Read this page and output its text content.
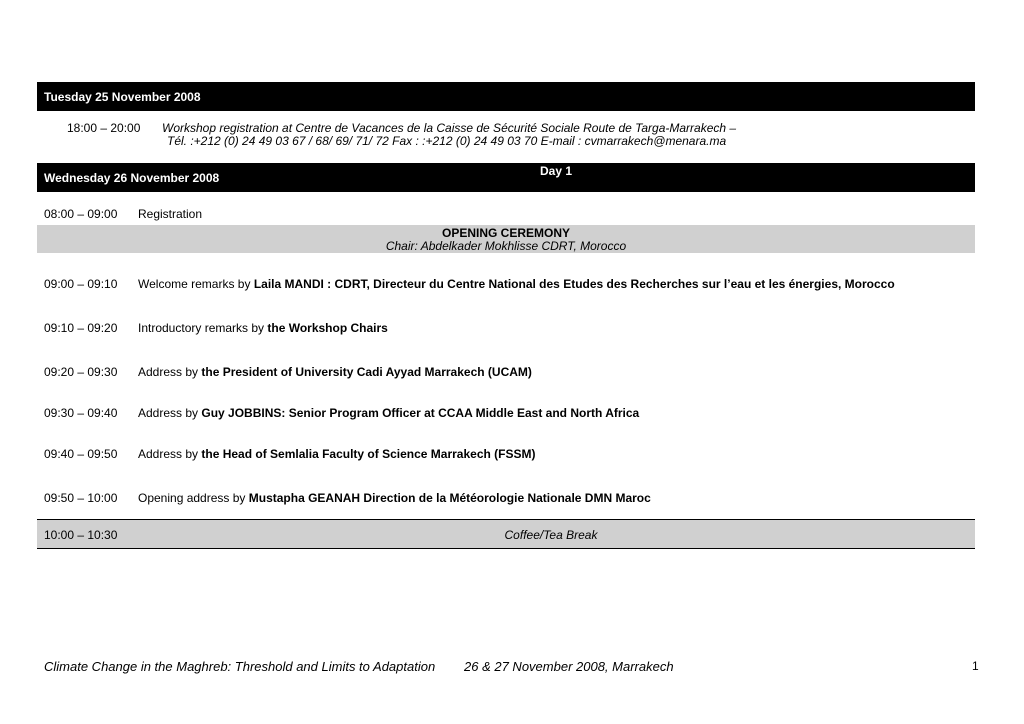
Tuesday 25 November 2008
18:00 – 20:00 Workshop registration at Centre de Vacances de la Caisse de Sécurité Sociale Route de Targa-Marrakech –
Tél. :+212 (0) 24 49 03 67 / 68/ 69/ 71/ 72 Fax : :+212 (0) 24 49 03 70 E-mail : cvmarrakech@menara.ma
Wednesday 26 November 2008	Day 1
08:00 – 09:00 Registration
OPENING CEREMONY
Chair: Abdelkader Mokhlisse CDRT, Morocco
09:00 – 09:10 Welcome remarks by Laila MANDI : CDRT, Directeur du Centre National des Etudes des Recherches sur l’eau et les énergies, Morocco
09:10 – 09:20 Introductory remarks by the Workshop Chairs
09:20 – 09:30 Address by the President of University Cadi Ayyad Marrakech (UCAM)
09:30 – 09:40 Address by Guy JOBBINS: Senior Program Officer at CCAA Middle East and North Africa
09:40 – 09:50 Address by the Head of Semlalia Faculty of Science Marrakech (FSSM)
09:50 – 10:00 Opening address by Mustapha GEANAH Direction de la Météorologie Nationale DMN Maroc
10:00 – 10:30	Coffee/Tea Break
Climate Change in the Maghreb: Threshold and Limits to Adaptation 26 & 27 November 2008, Marrakech	1
